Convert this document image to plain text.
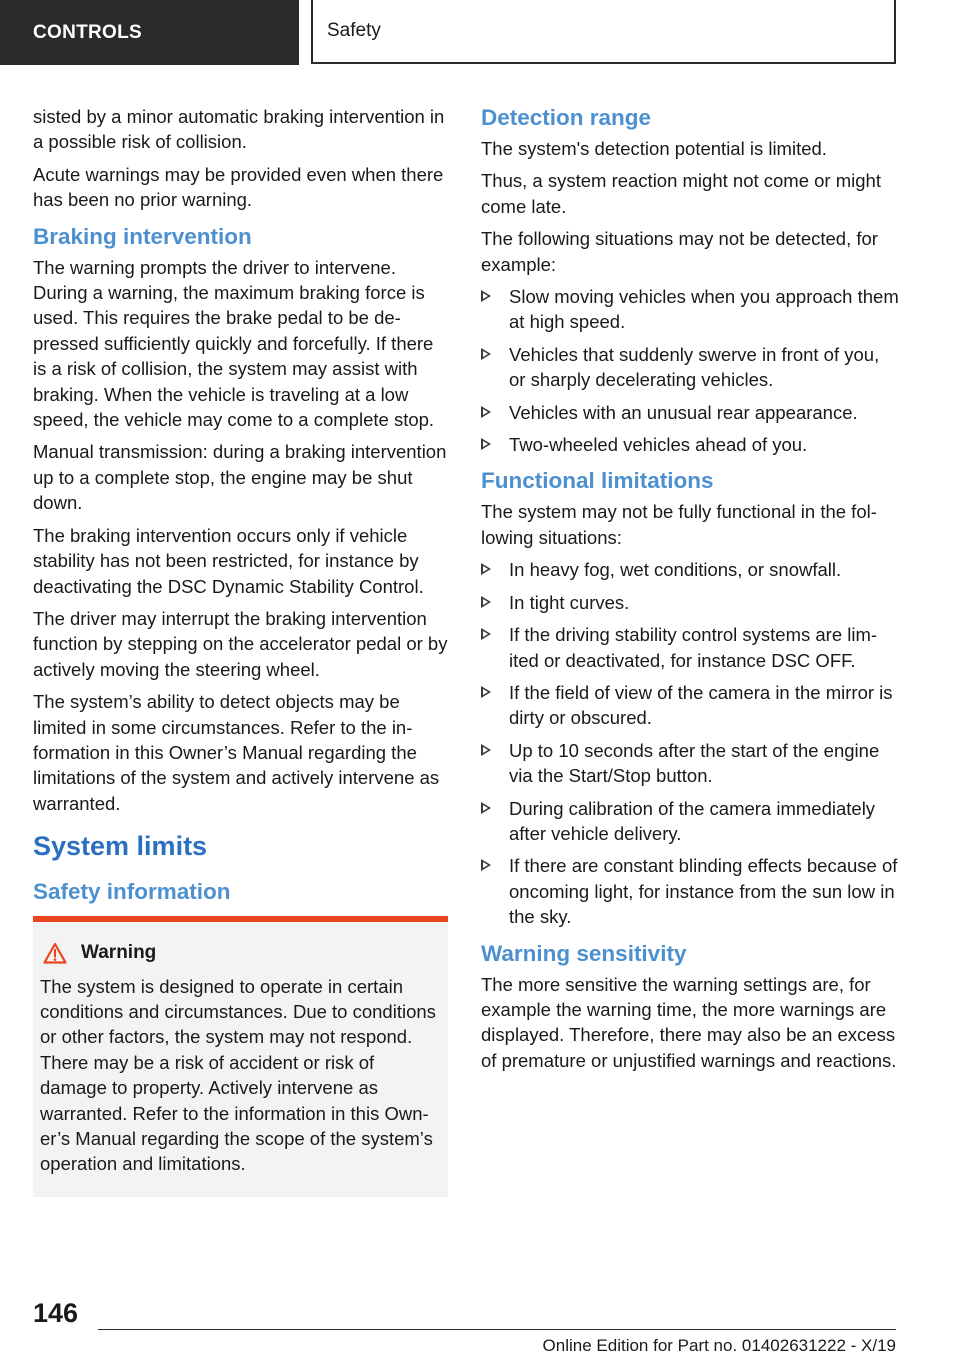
CONTROLS	Safety

sisted by a minor automatic braking intervention in a possible risk of collision.

Acute warnings may be provided even when there has been no prior warning.

Braking intervention

The warning prompts the driver to intervene. During a warning, the maximum braking force is used. This requires the brake pedal to be depressed sufficiently quickly and forcefully. If there is a risk of collision, the system may assist with braking. When the vehicle is traveling at a low speed, the vehicle may come to a complete stop.

Manual transmission: during a braking intervention up to a complete stop, the engine may be shut down.

The braking intervention occurs only if vehicle stability has not been restricted, for instance by deactivating the DSC Dynamic Stability Control.

The driver may interrupt the braking intervention function by stepping on the accelerator pedal or by actively moving the steering wheel.

The system’s ability to detect objects may be limited in some circumstances. Refer to the information in this Owner’s Manual regarding the limitations of the system and actively intervene as warranted.

System limits
Safety information
Warning

The system is designed to operate in certain conditions and circumstances. Due to conditions or other factors, the system may not respond. There may be a risk of accident or risk of damage to property. Actively intervene as warranted. Refer to the information in this Owner’s Manual regarding the scope of the system’s operation and limitations.

Detection range

The system's detection potential is limited.

Thus, a system reaction might not come or might come late.

The following situations may not be detected, for example:

Slow moving vehicles when you approach them at high speed.
Vehicles that suddenly swerve in front of you, or sharply decelerating vehicles.
Vehicles with an unusual rear appearance.
Two-wheeled vehicles ahead of you.
Functional limitations

The system may not be fully functional in the following situations:

In heavy fog, wet conditions, or snowfall.
In tight curves.
If the driving stability control systems are limited or deactivated, for instance DSC OFF.
If the field of view of the camera in the mirror is dirty or obscured.
Up to 10 seconds after the start of the engine via the Start/Stop button.
During calibration of the camera immediately after vehicle delivery.
If there are constant blinding effects because of oncoming light, for instance from the sun low in the sky.
Warning sensitivity

The more sensitive the warning settings are, for example the warning time, the more warnings are displayed. Therefore, there may also be an excess of premature or unjustified warnings and reactions.

146
Online Edition for Part no. 01402631222 - X/19
